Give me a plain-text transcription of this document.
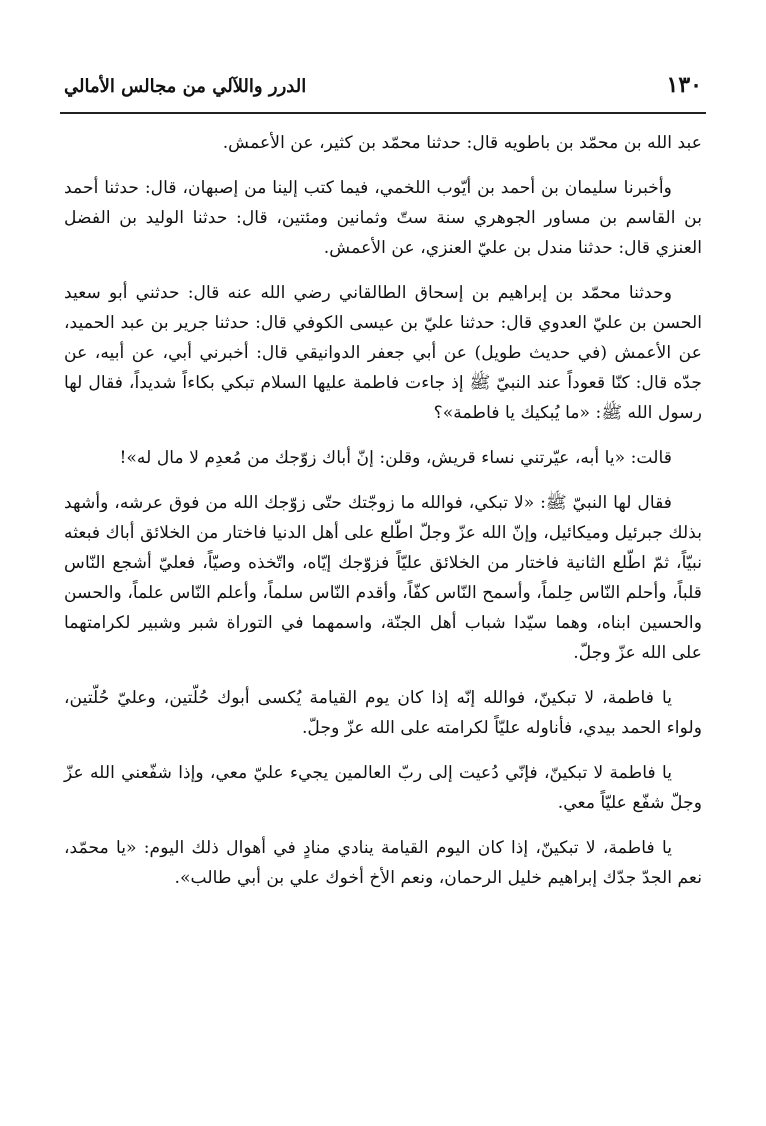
١٣٠
الدرر واللآلي من مجالس الأمالي

عبد الله بن محمّد بن باطويه قال: حدثنا محمّد بن كثير، عن الأعمش.

وأخبرنا سليمان بن أحمد بن أيّوب اللخمي، فيما كتب إلينا من إصبهان، قال: حدثنا أحمد بن القاسم بن مساور الجوهري سنة ستّ وثمانين ومئتين، قال: حدثنا الوليد بن الفضل العنزي قال: حدثنا مندل بن عليّ العنزي، عن الأعمش.

وحدثنا محمّد بن إبراهيم بن إسحاق الطالقاني رضي الله عنه قال: حدثني أبو سعيد الحسن بن عليّ العدوي قال: حدثنا عليّ بن عيسى الكوفي قال: حدثنا جرير بن عبد الحميد، عن الأعمش (في حديث طويل) عن أبي جعفر الدوانيقي قال: أخبرني أبي، عن أبيه، عن جدّه قال: كنّا قعوداً عند النبيّ ﷺ إذ جاءت فاطمة عليها السلام تبكي بكاءاً شديداً، فقال لها رسول الله ﷺ: «ما يُبكيك يا فاطمة»؟

قالت: «يا أبه، عيّرتني نساء قريش، وقلن: إنّ أباك زوّجك من مُعدِم لا مال له»!

فقال لها النبيّ ﷺ: «لا تبكي، فوالله ما زوجّتك حتّى زوّجك الله من فوق عرشه، وأشهد بذلك جبرئيل وميكائيل، وإنّ الله عزّ وجلّ اطّلع على أهل الدنيا فاختار من الخلائق أباك فبعثه نبيّاً، ثمّ اطّلع الثانية فاختار من الخلائق عليّاً فزوّجك إيّاه، واتّخذه وصيّاً، فعليّ أشجع النّاس قلباً، وأحلم النّاس حِلماً، وأسمح النّاس كفّاً، وأقدم النّاس سلماً، وأعلم النّاس علماً، والحسن والحسين ابناه، وهما سيّدا شباب أهل الجنّة، واسمهما في التوراة شبر وشبير لكرامتهما على الله عزّ وجلّ.

يا فاطمة، لا تبكينّ، فوالله إنّه إذا كان يوم القيامة يُكسى أبوك حُلّتين، وعليّ حُلّتين، ولواء الحمد بيدي، فأناوله عليّاً لكرامته على الله عزّ وجلّ.

يا فاطمة لا تبكينّ، فإنّي دُعيت إلى ربّ العالمين يجيء عليّ معي، وإذا شفّعني الله عزّ وجلّ شفّع عليّاً معي.

يا فاطمة، لا تبكينّ، إذا كان اليوم القيامة ينادي منادٍ في أهوال ذلك اليوم: «يا محمّد، نعم الجدّ جدّك إبراهيم خليل الرحمان، ونعم الأخ أخوك علي بن أبي طالب».
